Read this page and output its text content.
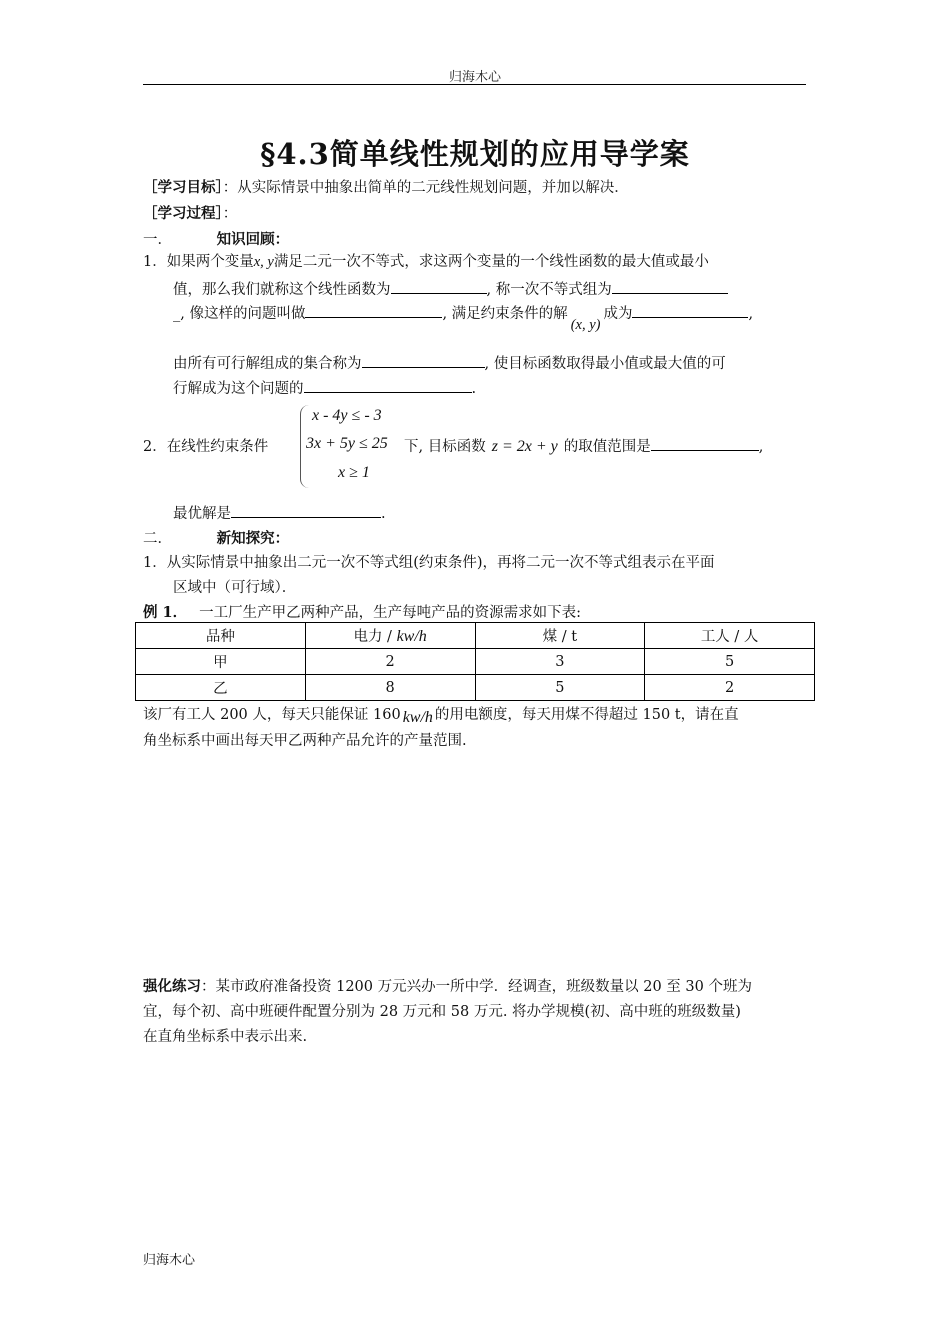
归海木心
§4.3简单线性规划的应用导学案
［学习目标］：从实际情景中抽象出简单的二元线性规划问题，并加以解决．
［学习过程］：
一．	知识回顾：
1．如果两个变量x, y满足二元一次不等式，求这两个变量的一个线性函数的最大值或最小
值，那么我们就称这个线性函数为	, 称一次不等式组为
_, 像这样的问题叫做	, 满足约束条件的解(x, y)成为	,
由所有可行解组成的集合称为	, 使目标函数取得最小值或最大值的可
行解成为这个问题的	.
x - 4y ≤ - 3
3x + 5y ≤ 25
x ≥ 1
2．在线性约束条件	下, 目标函数 z = 2x + y 的取值范围是	,
最优解是	.
二．	新知探究：
1．从实际情景中抽象出二元一次不等式组(约束条件)，再将二元一次不等式组表示在平面
区域中（可行域）．
例 1． 一工厂生产甲乙两种产品，生产每吨产品的资源需求如下表:
品种	电力 / kw/h	煤 / t	工人 / 人
甲	2	3	5
乙	8	5	2
该厂有工人 200 人，每天只能保证 160 kw/h 的用电额度，每天用煤不得超过 150 t，请在直
角坐标系中画出每天甲乙两种产品允许的产量范围.
强化练习：某市政府准备投资 1200 万元兴办一所中学．经调查，班级数量以 20 至 30 个班为
宜，每个初、高中班硬件配置分别为 28 万元和 58 万元. 将办学规模(初、高中班的班级数量)
在直角坐标系中表示出来.
归海木心
